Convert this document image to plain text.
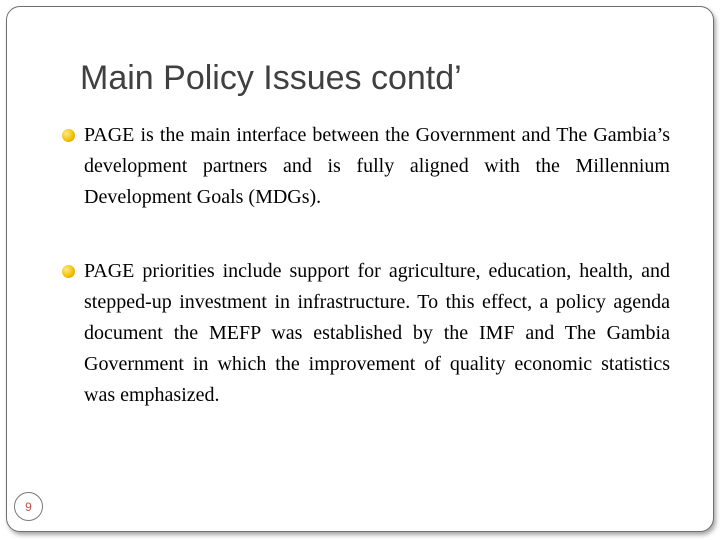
Main Policy Issues contd’
PAGE is the main interface between the Government and The Gambia’s development partners and is fully aligned with the Millennium Development Goals (MDGs).
PAGE priorities include support for agriculture, education, health, and stepped-up investment in infrastructure. To this effect, a policy agenda document the MEFP was established by the IMF and The Gambia Government in which the improvement of quality economic statistics was emphasized.
9
